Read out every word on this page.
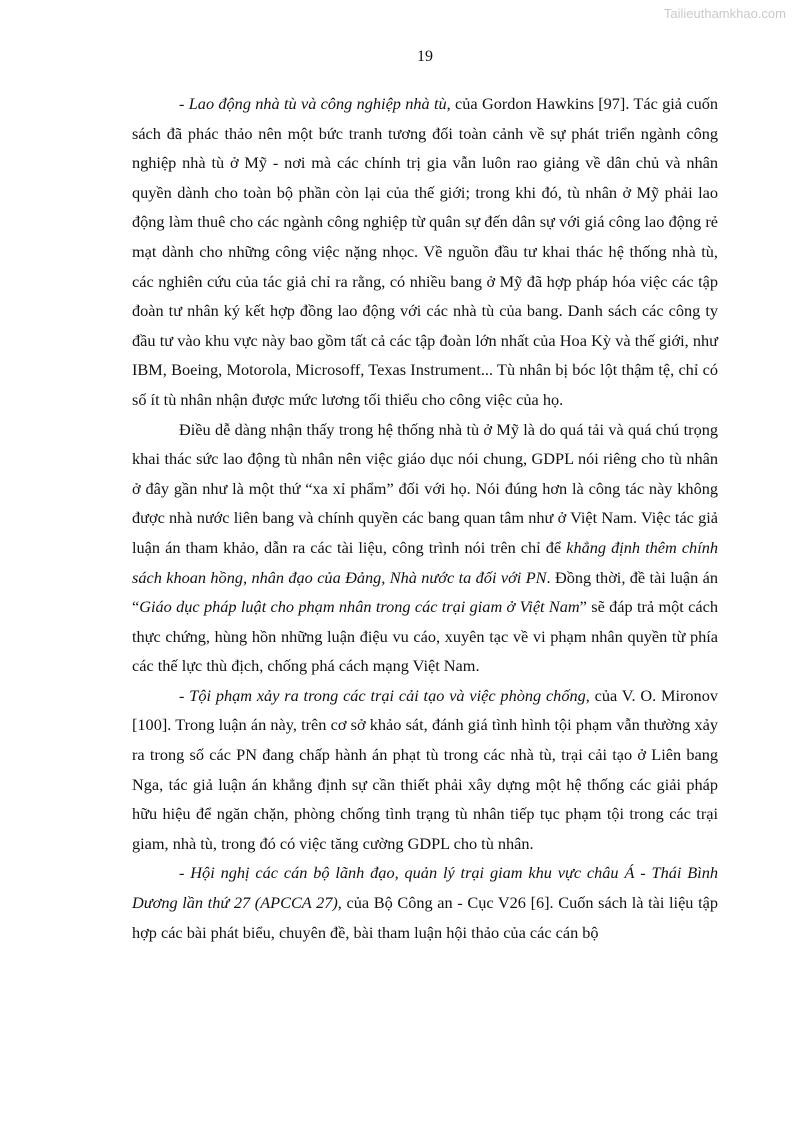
Tailieuthamkhao.com
19

- Lao động nhà tù và công nghiệp nhà tù, của Gordon Hawkins [97]. Tác giả cuốn sách đã phác thảo nên một bức tranh tương đối toàn cảnh về sự phát triển ngành công nghiệp nhà tù ở Mỹ - nơi mà các chính trị gia vẫn luôn rao giảng về dân chủ và nhân quyền dành cho toàn bộ phần còn lại của thế giới; trong khi đó, tù nhân ở Mỹ phải lao động làm thuê cho các ngành công nghiệp từ quân sự đến dân sự với giá công lao động rẻ mạt dành cho những công việc nặng nhọc. Về nguồn đầu tư khai thác hệ thống nhà tù, các nghiên cứu của tác giả chỉ ra rằng, có nhiều bang ở Mỹ đã hợp pháp hóa việc các tập đoàn tư nhân ký kết hợp đồng lao động với các nhà tù của bang. Danh sách các công ty đầu tư vào khu vực này bao gồm tất cả các tập đoàn lớn nhất của Hoa Kỳ và thế giới, như IBM, Boeing, Motorola, Microsoff, Texas Instrument... Tù nhân bị bóc lột thậm tệ, chỉ có số ít tù nhân nhận được mức lương tối thiểu cho công việc của họ.

Điều dễ dàng nhận thấy trong hệ thống nhà tù ở Mỹ là do quá tải và quá chú trọng khai thác sức lao động tù nhân nên việc giáo dục nói chung, GDPL nói riêng cho tù nhân ở đây gần như là một thứ “xa xỉ phẩm” đối với họ. Nói đúng hơn là công tác này không được nhà nước liên bang và chính quyền các bang quan tâm như ở Việt Nam. Việc tác giả luận án tham khảo, dẫn ra các tài liệu, công trình nói trên chỉ để khẳng định thêm chính sách khoan hồng, nhân đạo của Đảng, Nhà nước ta đối với PN. Đồng thời, đề tài luận án “Giáo dục pháp luật cho phạm nhân trong các trại giam ở Việt Nam” sẽ đáp trả một cách thực chứng, hùng hồn những luận điệu vu cáo, xuyên tạc về vi phạm nhân quyền từ phía các thế lực thù địch, chống phá cách mạng Việt Nam.

- Tội phạm xảy ra trong các trại cải tạo và việc phòng chống, của V. O. Mironov [100]. Trong luận án này, trên cơ sở khảo sát, đánh giá tình hình tội phạm vẫn thường xảy ra trong số các PN đang chấp hành án phạt tù trong các nhà tù, trại cải tạo ở Liên bang Nga, tác giả luận án khẳng định sự cần thiết phải xây dựng một hệ thống các giải pháp hữu hiệu để ngăn chặn, phòng chống tình trạng tù nhân tiếp tục phạm tội trong các trại giam, nhà tù, trong đó có việc tăng cường GDPL cho tù nhân.

- Hội nghị các cán bộ lãnh đạo, quản lý trại giam khu vực châu Á - Thái Bình Dương lần thứ 27 (APCCA 27), của Bộ Công an - Cục V26 [6]. Cuốn sách là tài liệu tập hợp các bài phát biểu, chuyên đề, bài tham luận hội thảo của các cán bộ
